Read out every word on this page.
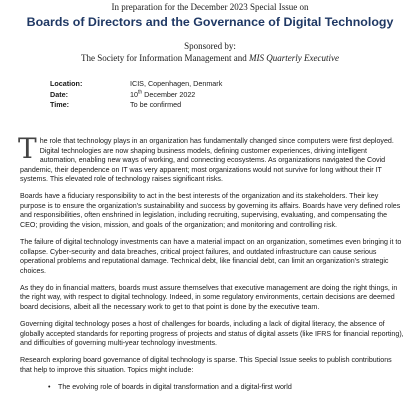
In preparation for the December 2023 Special Issue on
Boards of Directors and the Governance of Digital Technology
Sponsored by:
The Society for Information Management and MIS Quarterly Executive
Location:	ICIS, Copenhagen, Denmark
Date:	10th December 2022
Time:	To be confirmed

The role that technology plays in an organization has fundamentally changed since computers were first deployed. Digital technologies are now shaping business models, defining customer experiences, driving intelligent automation, enabling new ways of working, and connecting ecosystems. As organizations navigated the Covid pandemic, their dependence on IT was very apparent; most organizations would not survive for long without their IT systems. This elevated role of technology raises significant risks.

Boards have a fiduciary responsibility to act in the best interests of the organization and its stakeholders. Their key purpose is to ensure the organization’s sustainability and success by governing its affairs. Boards have very defined roles and responsibilities, often enshrined in legislation, including recruiting, supervising, evaluating, and compensating the CEO; providing the vision, mission, and goals of the organization; and monitoring and controlling risk.

The failure of digital technology investments can have a material impact on an organization, sometimes even bringing it to collapse. Cyber-security and data breaches, critical project failures, and outdated infrastructure can cause serious operational problems and reputational damage. Technical debt, like financial debt, can limit an organization’s strategic choices.

As they do in financial matters, boards must assure themselves that executive management are doing the right things, in the right way, with respect to digital technology. Indeed, in some regulatory environments, certain decisions are deemed board decisions, albeit all the necessary work to get to that point is done by the executive team.

Governing digital technology poses a host of challenges for boards, including a lack of digital literacy, the absence of globally accepted standards for reporting progress of projects and status of digital assets (like IFRS for financial reporting), and difficulties of governing multi-year technology investments.

Research exploring board governance of digital technology is sparse. This Special Issue seeks to publish contributions that help to improve this situation. Topics might include:

• The evolving role of boards in digital transformation and a digital-first world
